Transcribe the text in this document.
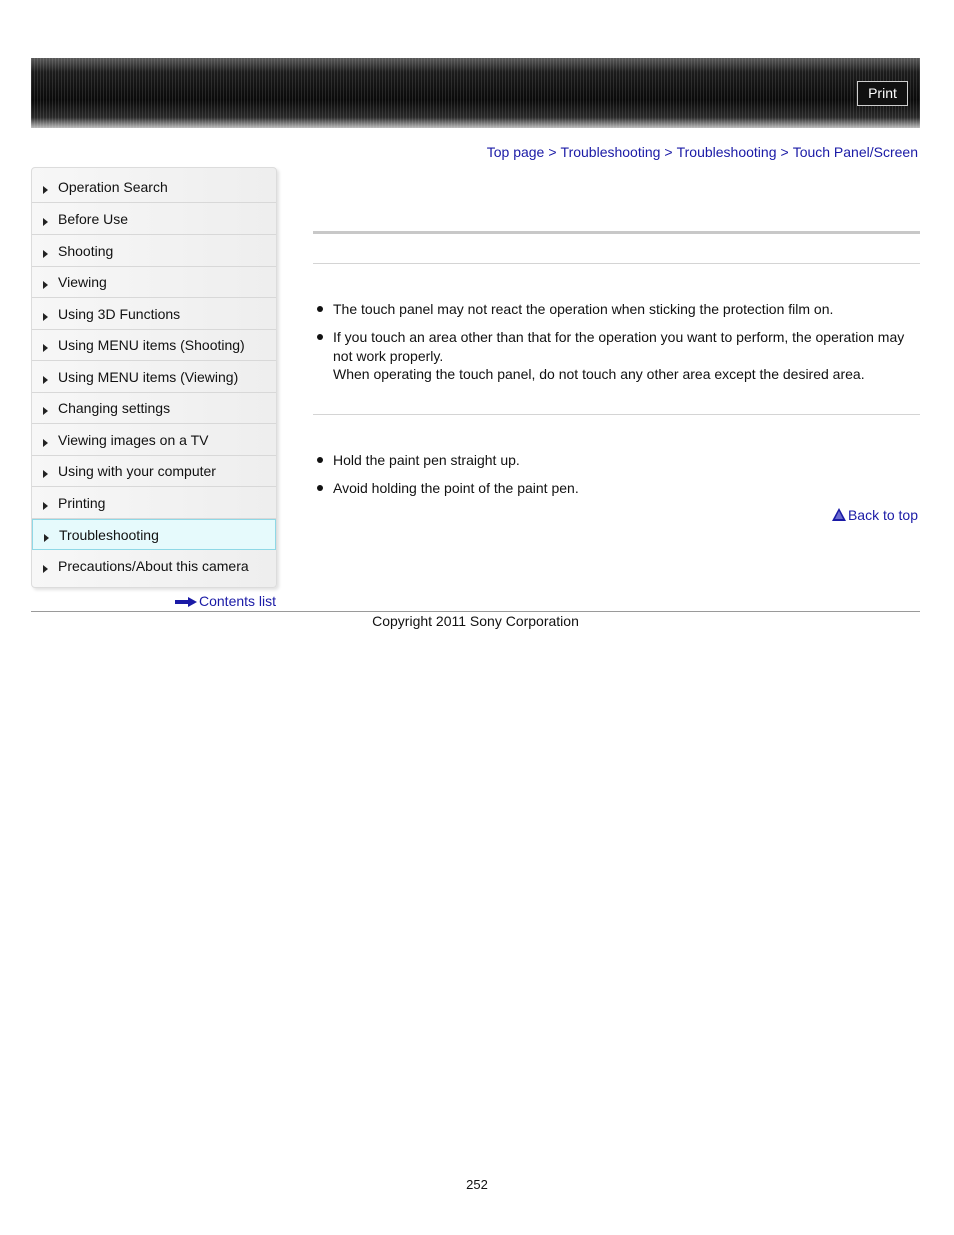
Print
Top page > Troubleshooting > Troubleshooting > Touch Panel/Screen
Operation Search
Before Use
Shooting
Viewing
Using 3D Functions
Using MENU items (Shooting)
Using MENU items (Viewing)
Changing settings
Viewing images on a TV
Using with your computer
Printing
Troubleshooting
Precautions/About this camera
Contents list
The touch panel may not react the operation when sticking the protection film on.
If you touch an area other than that for the operation you want to perform, the operation may not work properly.
When operating the touch panel, do not touch any other area except the desired area.
Hold the paint pen straight up.
Avoid holding the point of the paint pen.
Back to top
Copyright 2011 Sony Corporation
252
